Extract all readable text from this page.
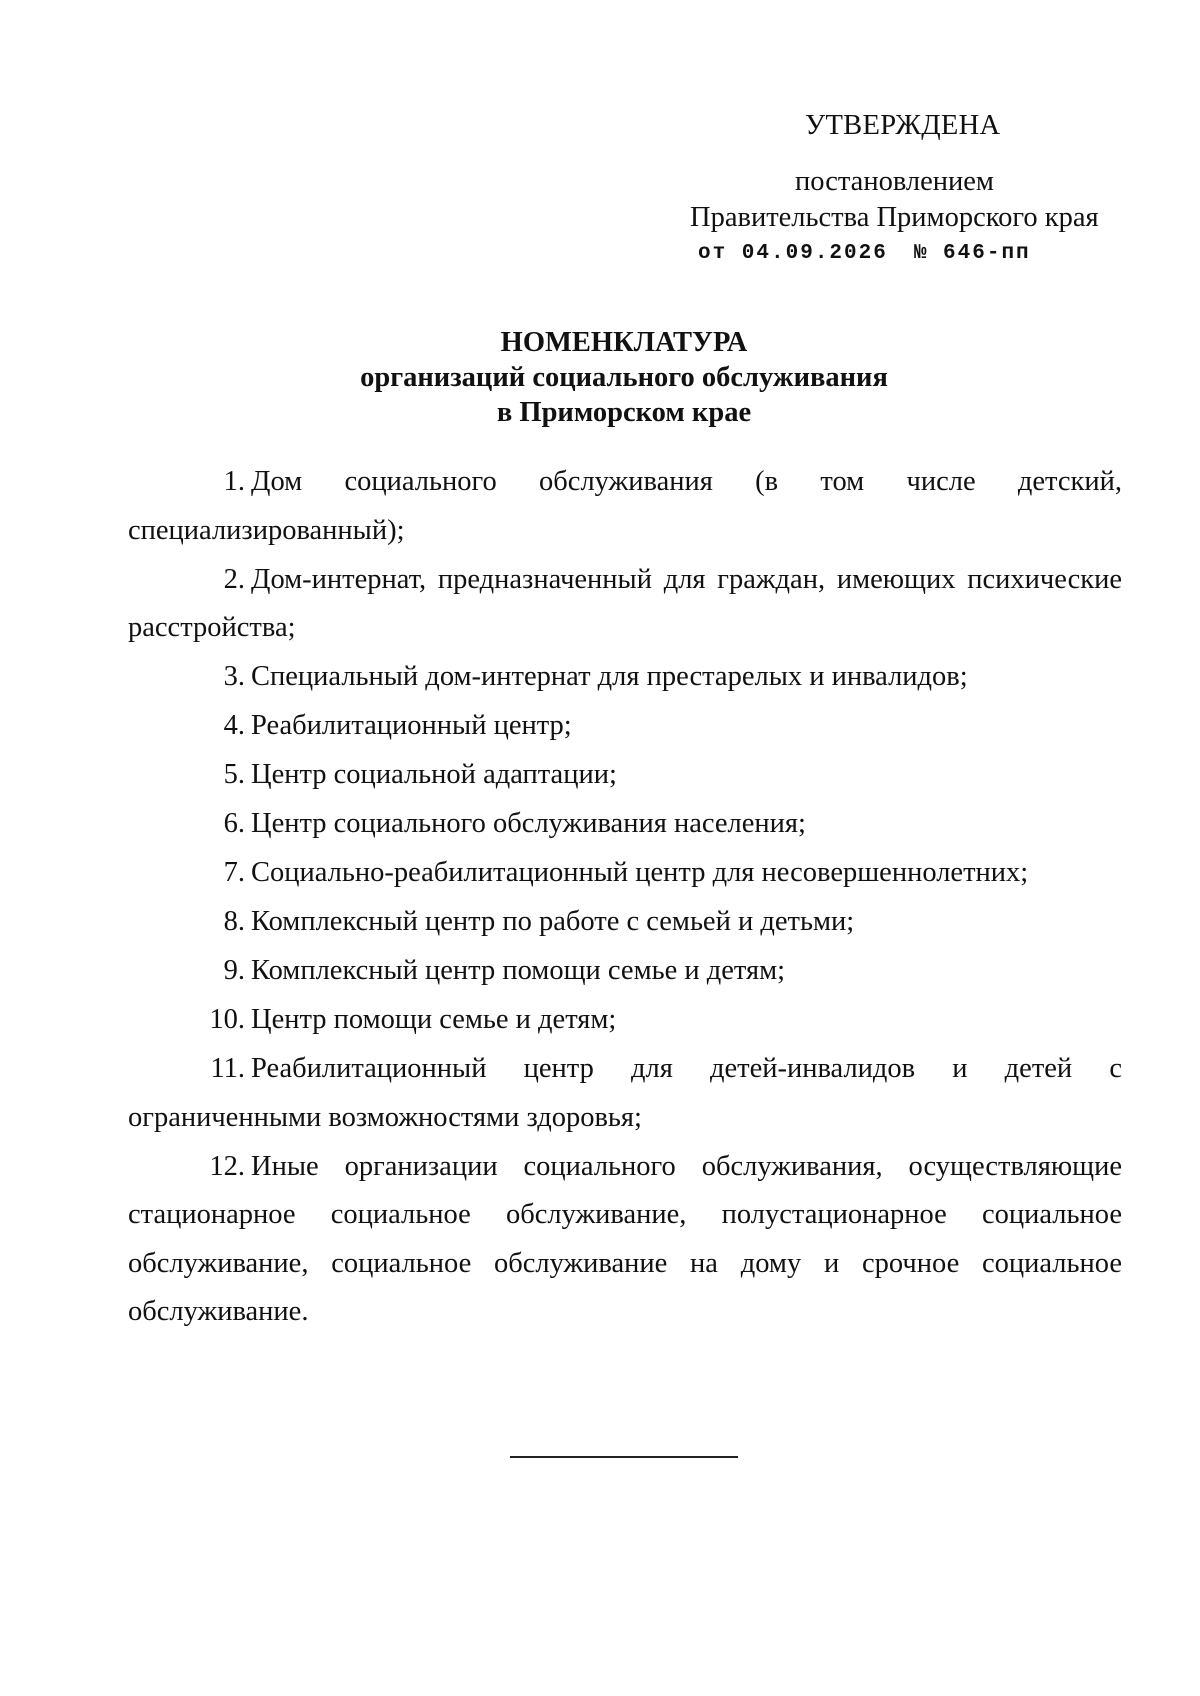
УТВЕРЖДЕНА
постановлением
Правительства Приморского края
от 04.09.2026 № 646-пп
НОМЕНКЛАТУРА
организаций социального обслуживания
в Приморском крае
1. Дом социального обслуживания (в том числе детский, специализированный);
2. Дом-интернат, предназначенный для граждан, имеющих психические расстройства;
3. Специальный дом-интернат для престарелых и инвалидов;
4. Реабилитационный центр;
5. Центр социальной адаптации;
6. Центр социального обслуживания населения;
7. Социально-реабилитационный центр для несовершеннолетних;
8. Комплексный центр по работе с семьей и детьми;
9. Комплексный центр помощи семье и детям;
10. Центр помощи семье и детям;
11. Реабилитационный центр для детей-инвалидов и детей с ограниченными возможностями здоровья;
12. Иные организации социального обслуживания, осуществляющие стационарное социальное обслуживание, полустационарное социальное обслуживание, социальное обслуживание на дому и срочное социальное обслуживание.
